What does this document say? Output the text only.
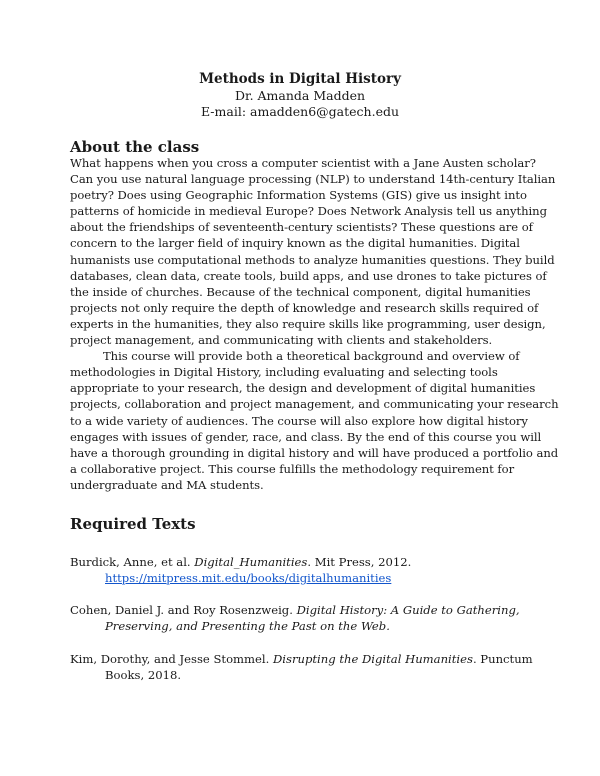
Methods in Digital History
Dr. Amanda Madden
E-mail: amadden6@gatech.edu
About the class
What happens when you cross a computer scientist with a Jane Austen scholar?
Can you use natural language processing (NLP) to understand 14th-century Italian
poetry? Does using Geographic Information Systems (GIS) give us insight into
patterns of homicide in medieval Europe? Does Network Analysis tell us anything
about the friendships of seventeenth-century scientists? These questions are of
concern to the larger field of inquiry known as the digital humanities. Digital
humanists use computational methods to analyze humanities questions. They build
databases, clean data, create tools, build apps, and use drones to take pictures of
the inside of churches. Because of the technical component, digital humanities
projects not only require the depth of knowledge and research skills required of
experts in the humanities, they also require skills like programming, user design,
project management, and communicating with clients and stakeholders.
This course will provide both a theoretical background and overview of
methodologies in Digital History, including evaluating and selecting tools
appropriate to your research, the design and development of digital humanities
projects, collaboration and project management, and communicating your research
to a wide variety of audiences. The course will also explore how digital history
engages with issues of gender, race, and class. By the end of this course you will
have a thorough grounding in digital history and will have produced a portfolio and
a collaborative project. This course fulfills the methodology requirement for
undergraduate and MA students.
Required Texts
Burdick, Anne, et al. Digital_Humanities. Mit Press, 2012.
https://mitpress.mit.edu/books/digitalhumanities
Cohen, Daniel J. and Roy Rosenzweig. Digital History: A Guide to Gathering,
Preserving, and Presenting the Past on the Web.
Kim, Dorothy, and Jesse Stommel. Disrupting the Digital Humanities. Punctum
Books, 2018.
